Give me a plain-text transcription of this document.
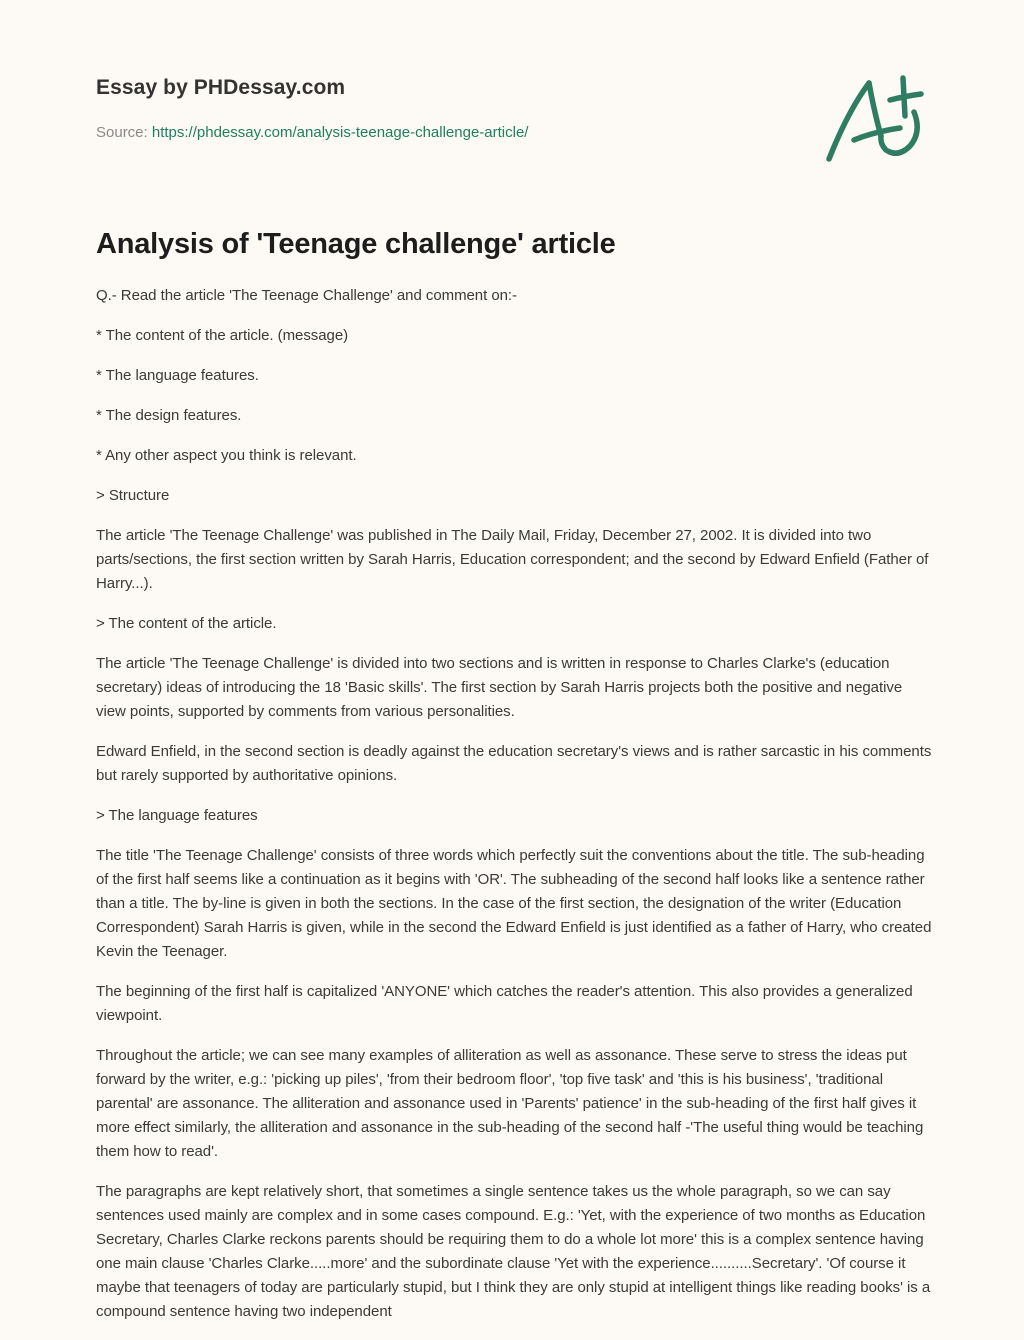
Essay by PHDessay.com
Source: https://phdessay.com/analysis-teenage-challenge-article/
Analysis of 'Teenage challenge' article

Q.- Read the article 'The Teenage Challenge' and comment on:-

* The content of the article. (message)

* The language features.

* The design features.

* Any other aspect you think is relevant.

> Structure

The article 'The Teenage Challenge' was published in The Daily Mail, Friday, December 27, 2002. It is divided into two parts/sections, the first section written by Sarah Harris, Education correspondent; and the second by Edward Enfield (Father of Harry...).

> The content of the article.

The article 'The Teenage Challenge' is divided into two sections and is written in response to Charles Clarke's (education secretary) ideas of introducing the 18 'Basic skills'. The first section by Sarah Harris projects both the positive and negative view points, supported by comments from various personalities.

Edward Enfield, in the second section is deadly against the education secretary's views and is rather sarcastic in his comments but rarely supported by authoritative opinions.

> The language features

The title 'The Teenage Challenge' consists of three words which perfectly suit the conventions about the title. The sub-heading of the first half seems like a continuation as it begins with 'OR'. The subheading of the second half looks like a sentence rather than a title. The by-line is given in both the sections. In the case of the first section, the designation of the writer (Education Correspondent) Sarah Harris is given, while in the second the Edward Enfield is just identified as a father of Harry, who created Kevin the Teenager.

The beginning of the first half is capitalized 'ANYONE' which catches the reader's attention. This also provides a generalized viewpoint.

Throughout the article; we can see many examples of alliteration as well as assonance. These serve to stress the ideas put forward by the writer, e.g.: 'picking up piles', 'from their bedroom floor', 'top five task' and 'this is his business', 'traditional parental' are assonance. The alliteration and assonance used in 'Parents' patience' in the sub-heading of the first half gives it more effect similarly, the alliteration and assonance in the sub-heading of the second half -'The useful thing would be teaching them how to read'.

The paragraphs are kept relatively short, that sometimes a single sentence takes us the whole paragraph, so we can say sentences used mainly are complex and in some cases compound. E.g.: 'Yet, with the experience of two months as Education Secretary, Charles Clarke reckons parents should be requiring them to do a whole lot more' this is a complex sentence having one main clause 'Charles Clarke.....more' and the subordinate clause 'Yet with the experience..........Secretary'. 'Of course it maybe that teenagers of today are particularly stupid, but I think they are only stupid at intelligent things like reading books' is a compound sentence having two independent
